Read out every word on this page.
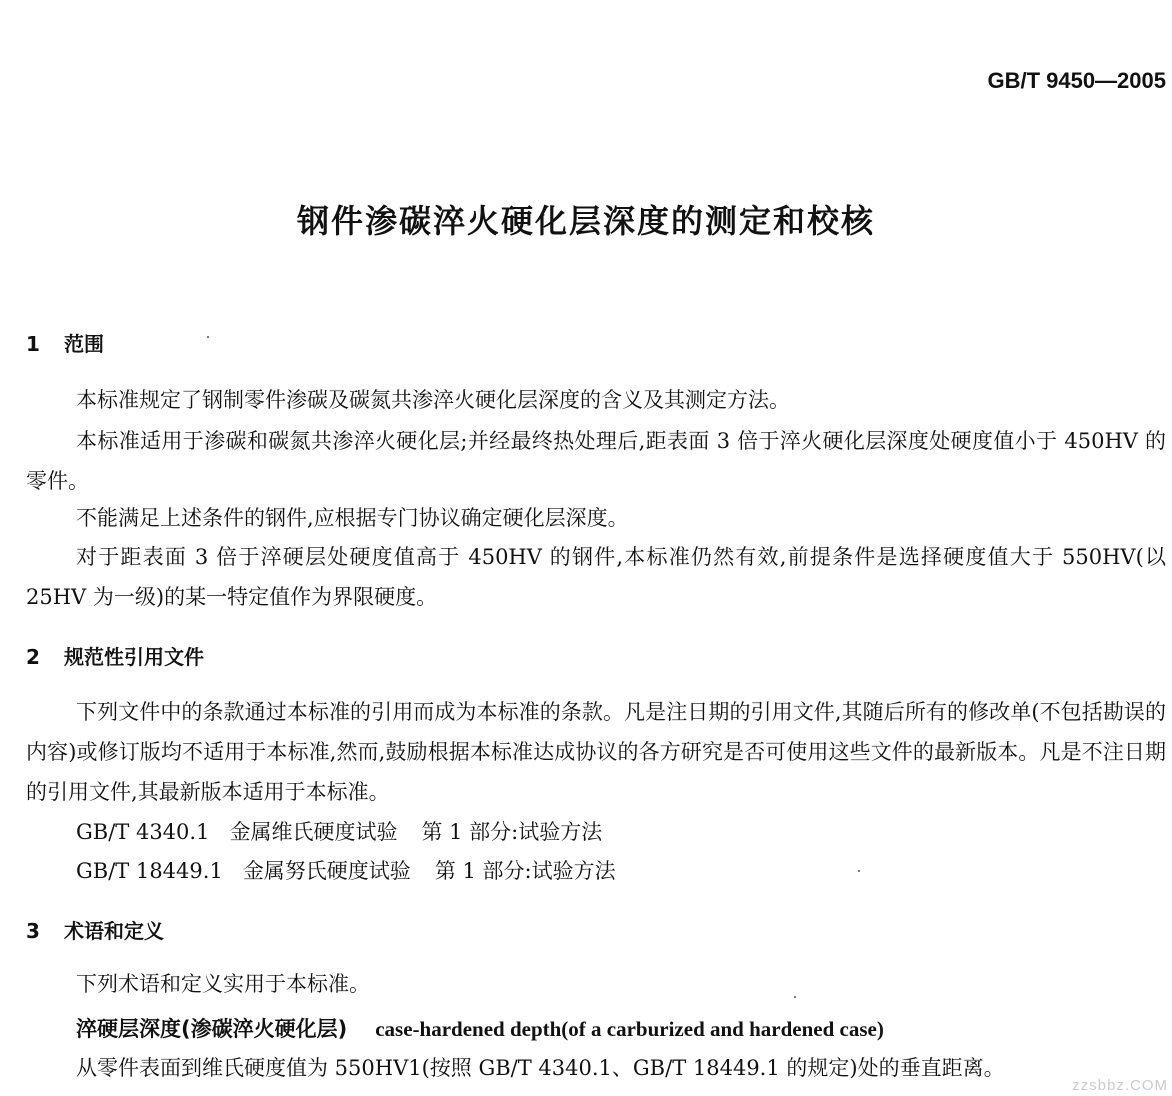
GB/T 9450—2005
钢件渗碳淬火硬化层深度的测定和校核
1 范围
本标准规定了钢制零件渗碳及碳氮共渗淬火硬化层深度的含义及其测定方法。
本标准适用于渗碳和碳氮共渗淬火硬化层;并经最终热处理后,距表面 3 倍于淬火硬化层深度处硬度值小于 450HV 的零件。
不能满足上述条件的钢件,应根据专门协议确定硬化层深度。
对于距表面 3 倍于淬硬层处硬度值高于 450HV 的钢件,本标准仍然有效,前提条件是选择硬度值大于 550HV(以 25HV 为一级)的某一特定值作为界限硬度。
2 规范性引用文件
下列文件中的条款通过本标准的引用而成为本标准的条款。凡是注日期的引用文件,其随后所有的修改单(不包括勘误的内容)或修订版均不适用于本标准,然而,鼓励根据本标准达成协议的各方研究是否可使用这些文件的最新版本。凡是不注日期的引用文件,其最新版本适用于本标准。
GB/T 4340.1 金属维氏硬度试验 第 1 部分:试验方法
GB/T 18449.1 金属努氏硬度试验 第 1 部分:试验方法
3 术语和定义
下列术语和定义实用于本标准。
淬硬层深度(渗碳淬火硬化层) case-hardened depth(of a carburized and hardened case)
从零件表面到维氏硬度值为 550HV1(按照 GB/T 4340.1、GB/T 18449.1 的规定)处的垂直距离。
zzsbbz.COM
